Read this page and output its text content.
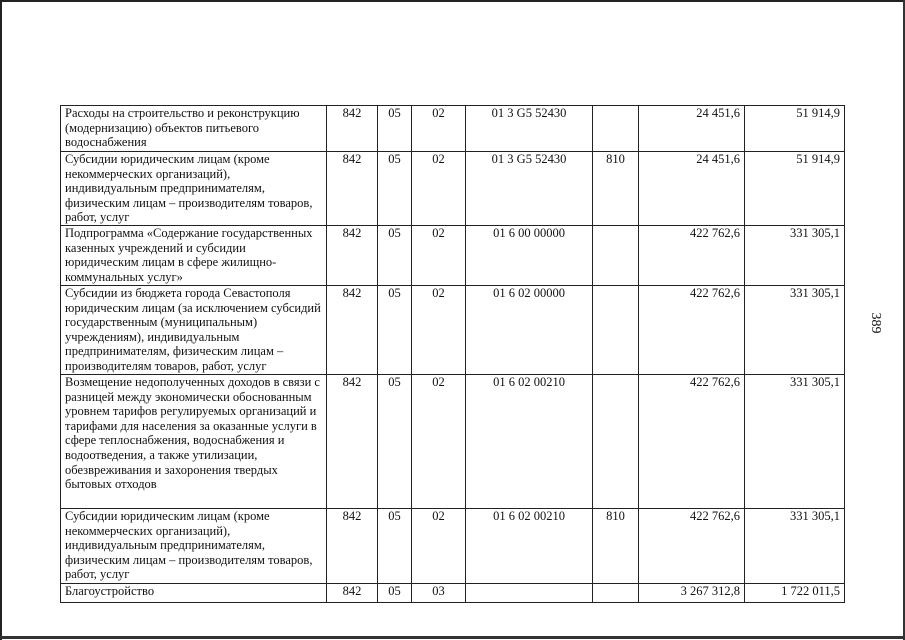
389
Расходы на строительство и реконструкцию (модернизацию) объектов питьевого водоснабжения	842	05	02	01 3 G5 52430		24 451,6	51 914,9
Субсидии юридическим лицам (кроме некоммерческих организаций), индивидуальным предпринимателям, физическим лицам – производителям товаров, работ, услуг	842	05	02	01 3 G5 52430	810	24 451,6	51 914,9
Подпрограмма «Содержание государственных казенных учреждений и субсидии юридическим лицам в сфере жилищно-коммунальных услуг»	842	05	02	01 6 00 00000		422 762,6	331 305,1
Субсидии из бюджета города Севастополя юридическим лицам (за исключением субсидий государственным (муниципальным) учреждениям), индивидуальным предпринимателям, физическим лицам – производителям товаров, работ, услуг	842	05	02	01 6 02 00000		422 762,6	331 305,1
Возмещение недополученных доходов в связи с разницей между экономически обоснованным уровнем тарифов регулируемых организаций и тарифами для населения за оказанные услуги в сфере теплоснабжения, водоснабжения и водоотведения, а также утилизации, обезвреживания и захоронения твердых бытовых отходов	842	05	02	01 6 02 00210		422 762,6	331 305,1
Субсидии юридическим лицам (кроме некоммерческих организаций), индивидуальным предпринимателям, физическим лицам – производителям товаров, работ, услуг	842	05	02	01 6 02 00210	810	422 762,6	331 305,1
Благоустройство	842	05	03			3 267 312,8	1 722 011,5
